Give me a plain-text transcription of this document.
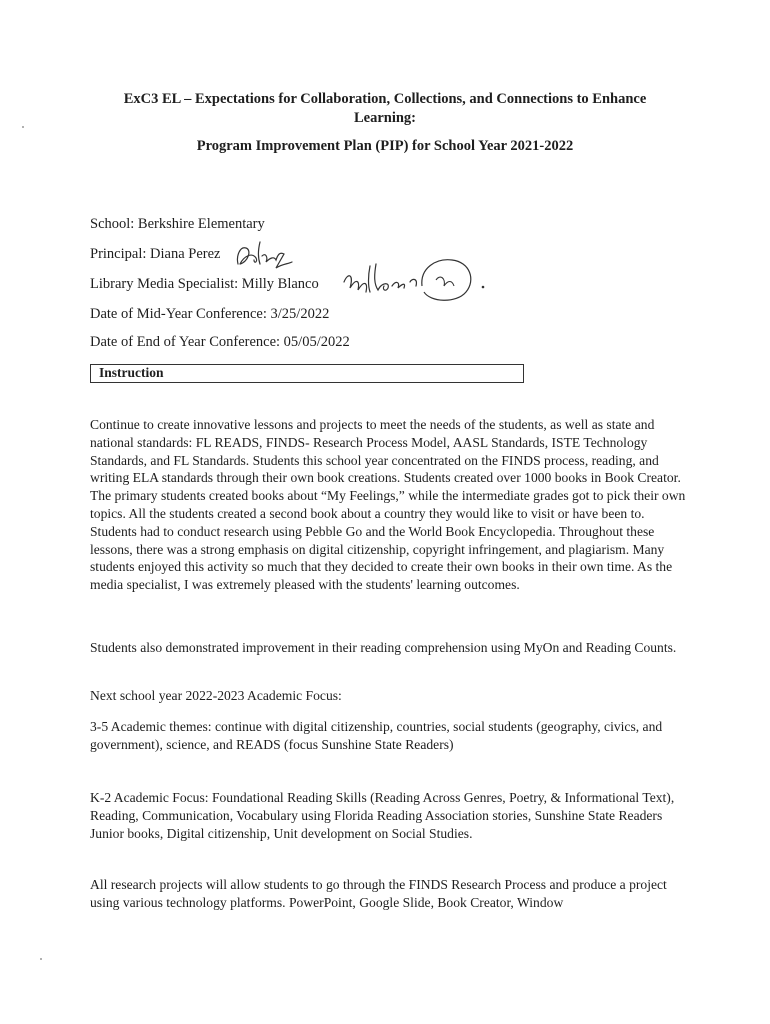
ExC3 EL – Expectations for Collaboration, Collections, and Connections to Enhance Learning:
Program Improvement Plan (PIP) for School Year 2021-2022
School: Berkshire Elementary
Principal: Diana Perez
Library Media Specialist: Milly Blanco
Date of Mid-Year Conference: 3/25/2022
Date of End of Year Conference: 05/05/2022
Instruction

Continue to create innovative lessons and projects to meet the needs of the students, as well as state and national standards: FL READS, FINDS- Research Process Model, AASL Standards, ISTE Technology Standards, and FL Standards. Students this school year concentrated on the FINDS process, reading, and writing ELA standards through their own book creations. Students created over 1000 books in Book Creator. The primary students created books about “My Feelings,” while the intermediate grades got to pick their own topics. All the students created a second book about a country they would like to visit or have been to. Students had to conduct research using Pebble Go and the World Book Encyclopedia. Throughout these lessons, there was a strong emphasis on digital citizenship, copyright infringement, and plagiarism. Many students enjoyed this activity so much that they decided to create their own books in their own time. As the media specialist, I was extremely pleased with the students' learning outcomes.

Students also demonstrated improvement in their reading comprehension using MyOn and Reading Counts.

Next school year 2022-2023 Academic Focus:

3-5 Academic themes: continue with digital citizenship, countries, social students (geography, civics, and government), science, and READS (focus Sunshine State Readers)

K-2 Academic Focus: Foundational Reading Skills (Reading Across Genres, Poetry, & Informational Text), Reading, Communication, Vocabulary using Florida Reading Association stories, Sunshine State Readers Junior books, Digital citizenship, Unit development on Social Studies.

All research projects will allow students to go through the FINDS Research Process and produce a project using various technology platforms. PowerPoint, Google Slide, Book Creator, Window
